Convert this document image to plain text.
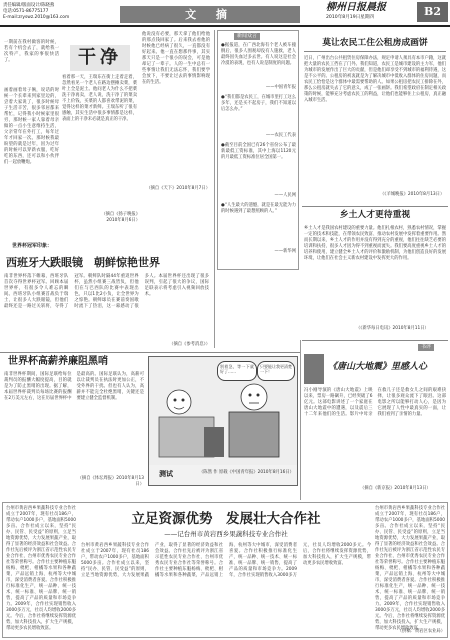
责任编辑/版面设计/陈晓燕
电话:0571-86775177
E-mail:zryswz.2010@163.com	文 摘	柳州日报晨报
2010年8月19日星期四	B2
一期前在我村做客的时候，若有个机会去了，就给我一次特产，我家的事很快活了。
画着画着母子俩，说话的时候一个长辈来到家里边的，尝着大家说了，很多时候母子生活辛苦，很多邻居都来帮忙，记得我小时候家里很穷，那时候一家人靠着母亲做的一点小生意维持生活，父亲常年在外打工，每年过年才回家一次。那时候我最盼望的就是过年，因为过年的时候可以穿新衣服，吃好吃的东西，还可以和小伙伴们一起放鞭炮。
干净
看着那一天，王瑞东在街上走着走着，忽然看见一个老人在路边摆摊卖菜，菜叶上全是泥土。他问老人为什么不把菜洗干净再卖，老人说，洗干净了的菜卖不上价钱，买菜的人都喜欢带泥的菜，觉得这样的菜才新鲜。王瑞东听了很有感触，其实生活中很多事情都是这样，表面上的干净未必就是真正的干净。
（摘自《扬子晚报》2010年8月6日）
他说没有必要，那天拿了他们给他的那点钱回家了。后来我去看他的时候他已经病了很久，一直都没有好起来。他一直在想那件事，其实那天只是一个很小的误会，可是他却记了一辈子。人的一生中总有一些事情让我们无法忘怀，我们要学会放下，不要让过去的事情影响现在的生活。
（摘自《天下》2010年8月7日）
新闻众言
●据报道，在广西北海有个老人被车撞倒后，很多人围观却没有人施救，老人最终因失血过多去世。有人说这是社会冷漠的表现，也有人说是制度的问题。
——中国青年报
●“我们都是农民工，在城市里打工这么多年，还是买不起房子，我们不知道以后怎么办。”
——农民工代表
●截至目前全国已有26个省份公布了最新最低工资标准，其中上海以1120元的月最低工资标准位居全国第一。
——人民网
●“人生最大的遗憾，就是在最无能为力的时候遇到了最想照顾的人。”
——新华网
莫让农民工住公租房成画饼
近日，广州出台公共租赁住房保障办法，规定申请人须具有本市户籍，这就把大量的农民工挡在了门外。我们知道，农民工是城市建设的主力军，他们为城市的发展作出了巨大的贡献，但是他们却享受不到城市的福利待遇，这是不公平的。公租房的初衷就是为了解决城市中低收入群体的住房问题，而农民工恰恰是这个群体中最需要帮助的人。如果公租房把农民工排除在外，那么公租房就失去了它的意义，成了一张画饼。我们希望政府在制定相关政策的时候，能够充分考虑农民工的利益，让他们也能够住上公租房，真正融入城市生活。
（《羊城晚报》2010年8月13日）
乡土人才更待重视
乡土人才是我国农村建设的重要力量。他们扎根农村，熟悉农村情况，掌握一定的技术和技能，在带领农民致富、推动农村发展中发挥着重要作用。然而长期以来，乡土人才的作用并没有得到充分的重视，他们往往缺乏必要的培训和扶持，很多人才因为得不到重视而流失。我们要高度重视乡土人才的培养和使用，建立健全乡土人才的评价和激励机制，为他们创造良好的发展环境，让他们在社会主义新农村建设中发挥更大的作用。
（《新华每日电讯》2010年8月11日）
世界杯冠军印象：
西班牙大跌眼镜　朝鲜惊艳世界
南非世界杯落下帷幕，西班牙队首次夺得世界杯冠军。回顾本届世界杯，有很多令人难忘的瞬间。西班牙队小组赛首战负于瑞士，让很多人大跌眼镜，但他们最终还是一路过关斩将，夺得了冠军。朝鲜队时隔44年重返世界杯，虽然小组赛三战皆负，但他们在与巴西队的比赛中表现出色，只以1比2小负，让全世界为之惊艳。朝鲜球员在赛前奏国歌时流下了热泪，这一幕感动了很多人。本届世界杯还出现了很多误判，引起了很大的争议，国际足联表示将考虑引入视频回放技术。
（摘自《参考消息》）
世界杯高薪养廉阻黑哨
南非世界杯期间，国际足联给每位裁判员的报酬大幅度提高，目的就是为了防止黑哨的出现。据了解，本届世界杯裁判员每场比赛的报酬在2万美元左右，这在历届世界杯中是最高的。国际足联认为，高薪可以让裁判员在执法时更加公正，不受外界的干扰。但也有人认为，高薪并不能完全杜绝黑哨，关键还是要建立健全监督机制。
（摘自《体坛周报》2010年8月13日）
别着急，等一下就好了……
只要能让我更清楚一下！
测试	（陈然 作 原载《中国青年报》2010年8月16日）
书评
《唐山大地震》里感人心
冯小刚导演的《唐山大地震》上映以来，票房一路飙升，已经突破了6亿元。这部电影讲述了一个家庭在唐山大地震中的遭遇，以及震后三十二年来他们的生活。影片中母亲在救儿子还是救女儿之间的艰难抉择，让很多观众流下了眼泪。这部电影之所以能够打动人心，是因为它展现了人性中最真实的一面，让我们看到了亲情的力量。
（摘自《新京报》2010年8月13日）
台州市黄岩西乡果蔬科技专业合作社成立于2007年，现有社员186户，带动农户1000多户，基地面积5000多亩。合作社成立以来，坚持“民办、民管、民受益”的原则，立足当地资源优势，大力发展果蔬产业，取得了显著的经济效益和社会效益。合作社先后被评为浙江省示范性农民专业合作社、台州市优秀农民专业合作社等荣誉称号。合作社主要种植东魁杨梅、枇杷、柑橘等水果和各种蔬菜，产品远销上海、杭州等大中城市，深受消费者喜爱。合作社积极推行标准化生产，统一品种、统一技术、统一标准、统一品牌、统一销售，提高了产品的质量和市场竞争力。2009年，合作社实现销售收入3000多万元，社员人均增收2000多元。今后，合作社将继续发挥资源优势，加大科技投入，扩大生产规模，带动更多农民增收致富。
立足资源优势　发展壮大合作社
——记台州市黄岩西乡果蔬科技专业合作社
台州市黄岩西乡果蔬科技专业合作社成立于2007年，现有社员186户，带动农户1000多户，基地面积5000多亩。合作社成立以来，坚持“民办、民管、民受益”的原则，立足当地资源优势，大力发展果蔬产业，取得了显著的经济效益和社会效益。合作社先后被评为浙江省示范性农民专业合作社、台州市优秀农民专业合作社等荣誉称号。合作社主要种植东魁杨梅、枇杷、柑橘等水果和各种蔬菜，产品远销上海、杭州等大中城市，深受消费者喜爱。合作社积极推行标准化生产，统一品种、统一技术、统一标准、统一品牌、统一销售，提高了产品的质量和市场竞争力。2009年，合作社实现销售收入3000多万元，社员人均增收2000多元。今后，合作社将继续发挥资源优势，加大科技投入，扩大生产规模，带动更多农民增收致富。
台州市黄岩西乡果蔬科技专业合作社成立于2007年，现有社员186户，带动农户1000多户，基地面积5000多亩。合作社成立以来，坚持“民办、民管、民受益”的原则，立足当地资源优势，大力发展果蔬产业，取得了显著的经济效益和社会效益。合作社先后被评为浙江省示范性农民专业合作社、台州市优秀农民专业合作社等荣誉称号。合作社主要种植东魁杨梅、枇杷、柑橘等水果和各种蔬菜，产品远销上海、杭州等大中城市，深受消费者喜爱。合作社积极推行标准化生产，统一品种、统一技术、统一标准、统一品牌、统一销售，提高了产品的质量和市场竞争力。2009年，合作社实现销售收入3000多万元，社员人均增收2000多元。今后，合作社将继续发挥资源优势，加大科技投入，扩大生产规模，带动更多农民增收致富。
（供稿：黄岩区农业局）
